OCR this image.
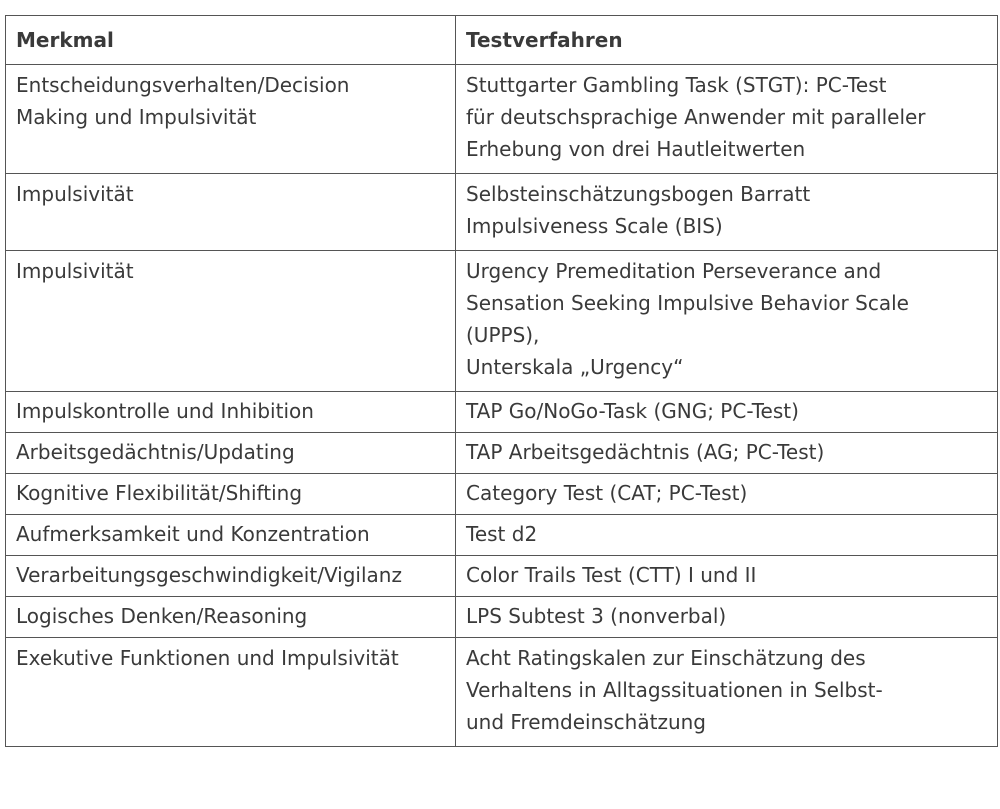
Merkmal	Testverfahren

Entscheidungsverhalten/Decision
Making und Impulsivität	Stuttgarter Gambling Task (STGT): PC-Test
für deutschsprachige Anwender mit paralleler
Erhebung von drei Hautleitwerten

Impulsivität	Selbsteinschätzungsbogen Barratt
Impulsiveness Scale (BIS)

Impulsivität	Urgency Premeditation Perseverance and
Sensation Seeking Impulsive Behavior Scale
(UPPS),
Unterskala „Urgency“

Impulskontrolle und Inhibition	TAP Go/NoGo-Task (GNG; PC-Test)

Arbeitsgedächtnis/Updating	TAP Arbeitsgedächtnis (AG; PC-Test)

Kognitive Flexibilität/Shifting	Category Test (CAT; PC-Test)

Aufmerksamkeit und Konzentration	Test d2

Verarbeitungsgeschwindigkeit/Vigilanz	Color Trails Test (CTT) I und II

Logisches Denken/Reasoning	LPS Subtest 3 (nonverbal)

Exekutive Funktionen und Impulsivität	Acht Ratingskalen zur Einschätzung des
Verhaltens in Alltagssituationen in Selbst-
und Fremdeinschätzung
